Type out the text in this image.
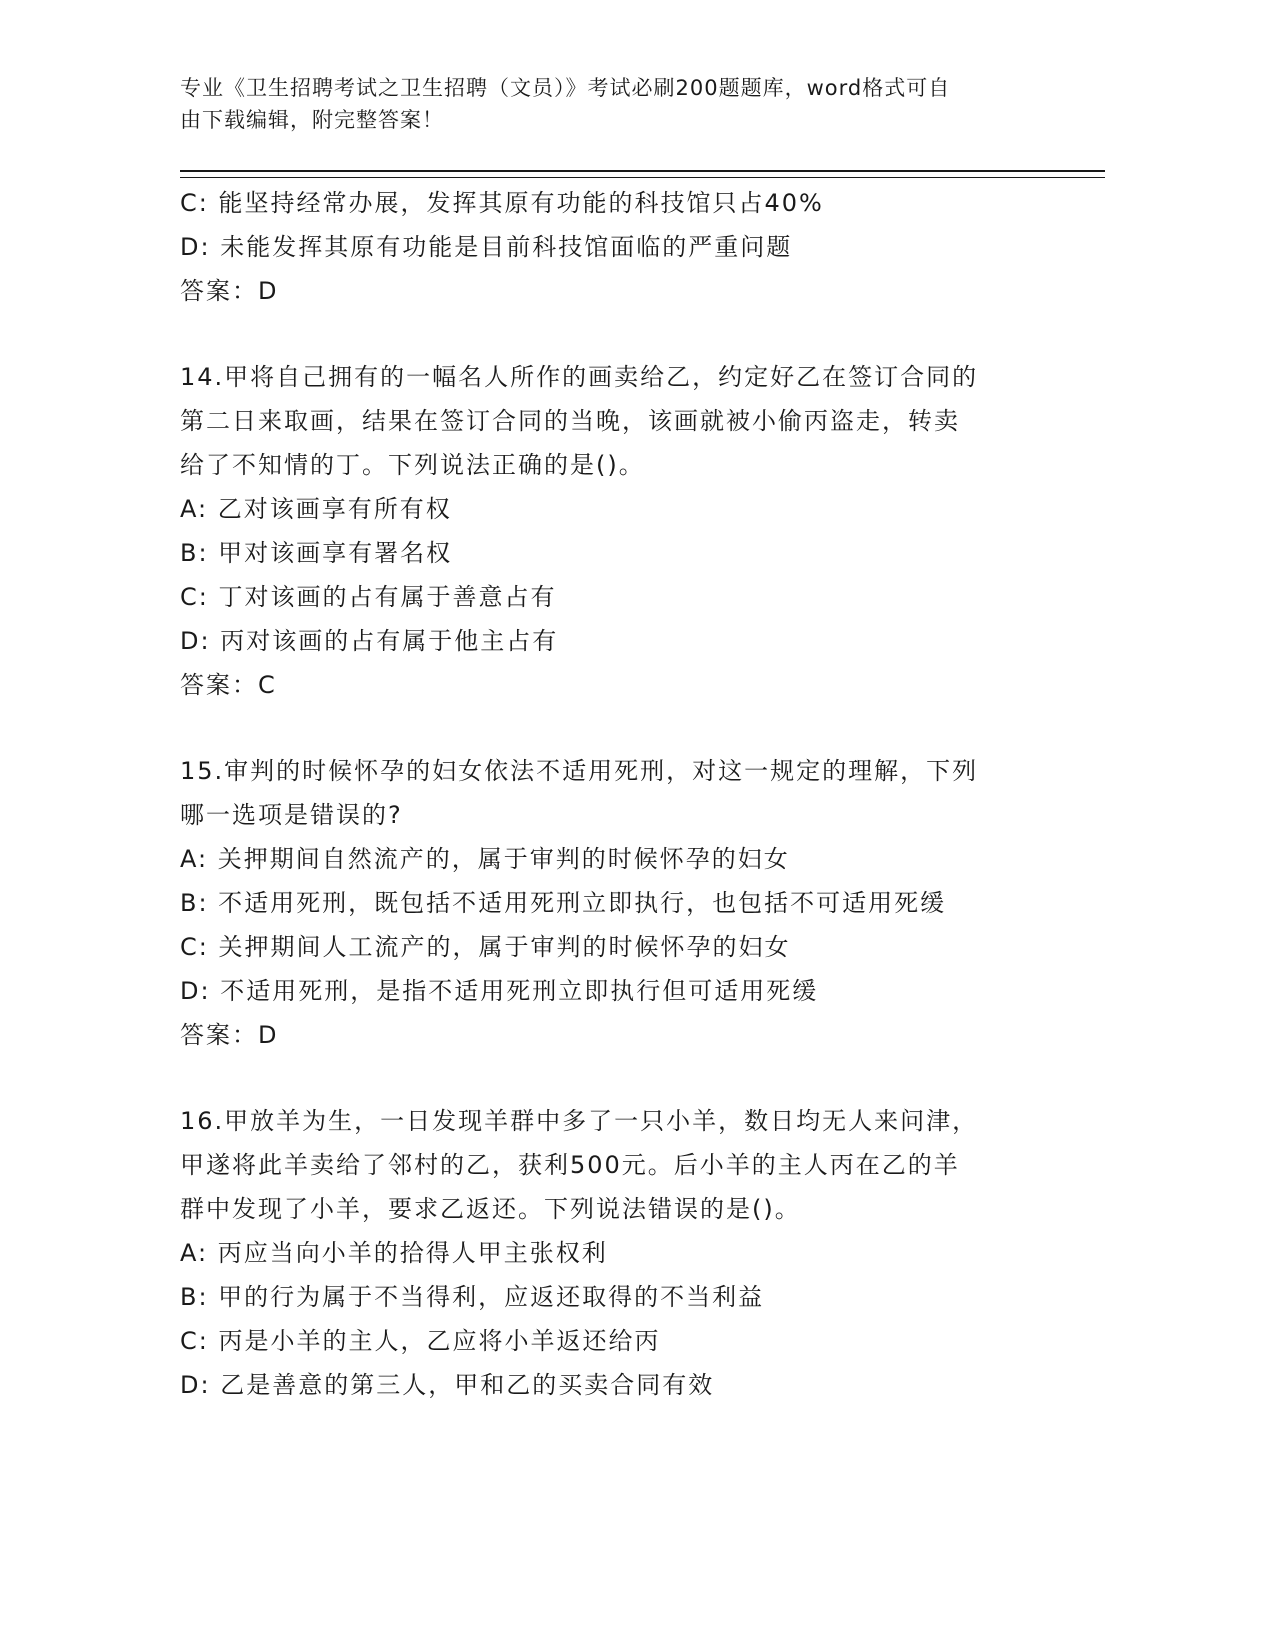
专业《卫生招聘考试之卫生招聘（文员）》考试必刷200题题库，word格式可自
由下载编辑，附完整答案！
C: 能坚持经常办展，发挥其原有功能的科技馆只占40%
D: 未能发挥其原有功能是目前科技馆面临的严重问题
答案：D
14.甲将自己拥有的一幅名人所作的画卖给乙，约定好乙在签订合同的
第二日来取画，结果在签订合同的当晚，该画就被小偷丙盗走，转卖
给了不知情的丁。下列说法正确的是()。
A: 乙对该画享有所有权
B: 甲对该画享有署名权
C: 丁对该画的占有属于善意占有
D: 丙对该画的占有属于他主占有
答案：C
15.审判的时候怀孕的妇女依法不适用死刑，对这一规定的理解，下列
哪一选项是错误的?
A: 关押期间自然流产的，属于审判的时候怀孕的妇女
B: 不适用死刑，既包括不适用死刑立即执行，也包括不可适用死缓
C: 关押期间人工流产的，属于审判的时候怀孕的妇女
D: 不适用死刑，是指不适用死刑立即执行但可适用死缓
答案：D
16.甲放羊为生，一日发现羊群中多了一只小羊，数日均无人来问津，
甲遂将此羊卖给了邻村的乙，获利500元。后小羊的主人丙在乙的羊
群中发现了小羊，要求乙返还。下列说法错误的是()。
A: 丙应当向小羊的拾得人甲主张权利
B: 甲的行为属于不当得利，应返还取得的不当利益
C: 丙是小羊的主人，乙应将小羊返还给丙
D: 乙是善意的第三人，甲和乙的买卖合同有效
